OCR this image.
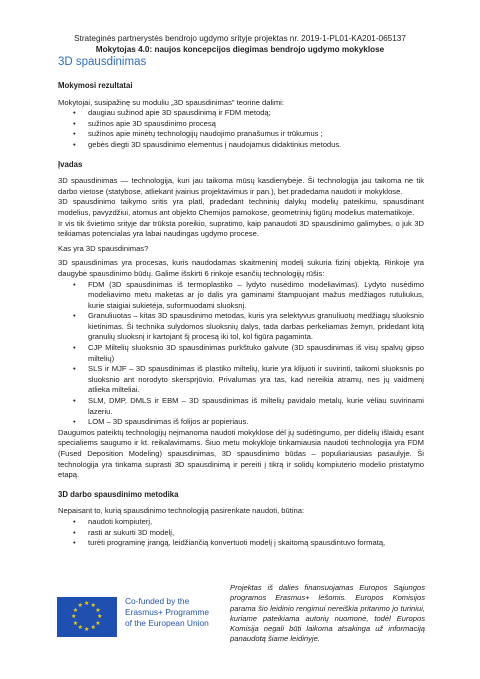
Strateginės partnerystės bendrojo ugdymo srityje projektas nr. 2019-1-PL01-KA201-065137
Mokytojas 4.0: naujos koncepcijos diegimas bendrojo ugdymo mokyklose
3D spausdinimas
Mokymosi rezultatai

Mokytojai, susipažinę su moduliu „3D spausdinimas" teorine dalimi:

• daugiau sužinod apie 3D spausdinimą ir FDM metodą;
• sužinos apie 3D spausdinimo procesą
• sužinos apie minėtų technologijų naudojimo pranašumus ir trūkumus ;
• gebės diegti 3D spausdinimo elementus į naudojamus didaktinius metodus.
Įvadas

3D spausdinimas — technologija, kuri jau taikoma mūsų kasdienybėje. Ši technologija jau taikoma ne tik darbo vietose (statybose, atliekant įvairius projektavimus ir pan.), bet pradedama naudoti ir mokyklose.

3D spausdinimo taikymo sritis yra platl, pradedant techninių dalykų modelių pateikimu, spausdinant modelius, pavyzdžiui, atomus ant objekto Chemijos pamokose, geometrinių figūrų modelius matematikoje.

Ir vis tik švietimo srityje dar trūksta poreikio, supratimo, kaip panaudoti 3D spausdinimo galimybes, o juk 3D teikiamas potencialas yra labai naudingas ugdymo procese.

Kas yra 3D spausdinimas?

3D spausdinimas yra procesas, kuris naudodamas skaitmeninį modelį sukuria fizinį objektą. Rinkoje yra daugybė spausdinimo būdų. Galime išskirti 6 rinkoje esančių technologijų rūšis:

• FDM (3D spausdinimas iš termoplastiko – lydyto nusėdimo modeliavimas). Lydyto nusėdimo modeliavimo metu maketas ar jo dalis yra gaminami štampuojant mažus medžiagos rutuliukus, kurie staigiai sukietėja, suformuodami sluoksnį.
• Granuliuotas – kitas 3D spausdinimo metodas, kuris yra selektyvus granuliuotų medžiagų sluoksnio kietinimas. Ši technika sulydomos sluoksnių dalys, tada darbas perkeliamas žemyn, pridedant kitą granulių sluoksnį ir kartojant šį procesą iki tol, kol figūra pagaminta.
• CJP Miltelių sluoksnio 3D spausdinimas purkštuko galvute (3D spausdinimas iš visų spalvų gipso miltelių)
• SLS ir MJF – 3D spausdinimas iš plastiko miltelių, kurie yra klijuoti ir suvirinti, taikomi sluoksnis po sluoksnio ant norodyto skersprjūvio. Privalumas yra tas, kad nereikia atramų, nes jų vaidmenį atlieka milteliai.
• SLM, DMP, DMLS ir EBM – 3D spausdinimas iš miltelių pavidalo metalų, kurie vėliau suvirinami lazeriu.
• LOM – 3D spausdinimas iš folijos ar popieriaus.

Daugumos pateiktų technologijų neįmanoma naudoti mokyklose dėl jų sudėtingumo, per didelių išlaidų esant specialiems saugumo ir kt. reikalavimams. Šiuo metu mokykloje tinkamiausia naudoti technologija yra FDM (Fused Deposition Modeling) spausdinimas, 3D spausdinimo būdas – populiariausias pasaulyje. Ši technologija yra tinkama suprasti 3D spausdinimą ir pereiti į tikrą ir solidų kompiuterio modelio pristatymo etapą.

3D darbo spausdinimo metodika

Nepaisant to, kurią spausdinimo technologiją pasirenkate naudoti, būtina:

• naudoti kompiuterį,
• rasti ar sukurti 3D modelį,
• turėti programinę įrangą, leidžiančią konvertuoti modelį į skaitomą spausdintuvo formatą,
★ ★
★
★
★
★
★
★
★
★
★
★	Co-funded by the
Erasmus+ Programme
of the European Union
Projektas iš dalies finansuojamas Europos Sąjungos programos Erasmus+ lėšomis. Europos Komisijos parama šio leidinio rengimui nereiškia pritarimo jo turiniui, kuriame pateikiama autorių nuomonė, todėl Europos Komisija negali būti laikoma atsakinga už informaciją panaudotą šiame leidinyje.
